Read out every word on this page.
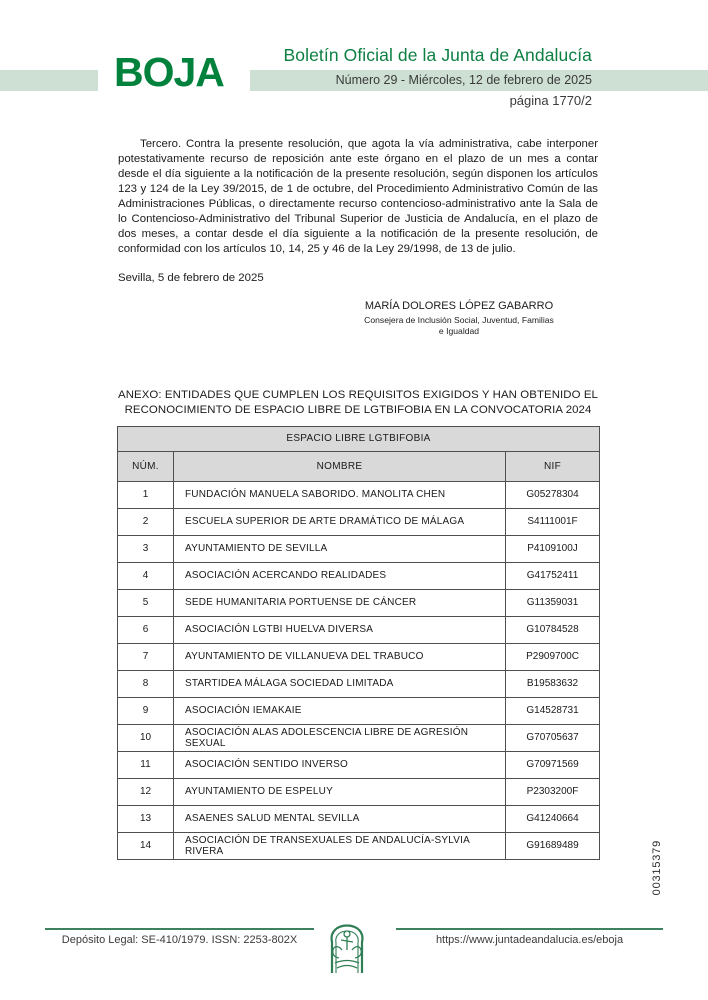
BOJA	Boletín Oficial de la Junta de Andalucía
Número 29 - Miércoles, 12 de febrero de 2025
página 1770/2

Tercero. Contra la presente resolución, que agota la vía administrativa, cabe interponer potestativamente recurso de reposición ante este órgano en el plazo de un mes a contar desde el día siguiente a la notificación de la presente resolución, según disponen los artículos 123 y 124 de la Ley 39/2015, de 1 de octubre, del Procedimiento Administrativo Común de las Administraciones Públicas, o directamente recurso contencioso-administrativo ante la Sala de lo Contencioso-Administrativo del Tribunal Superior de Justicia de Andalucía, en el plazo de dos meses, a contar desde el día siguiente a la notificación de la presente resolución, de conformidad con los artículos 10, 14, 25 y 46 de la Ley 29/1998, de 13 de julio.

Sevilla, 5 de febrero de 2025

MARÍA DOLORES LÓPEZ GABARRO
Consejera de Inclusión Social, Juventud, Familias
e Igualdad

ANEXO: ENTIDADES QUE CUMPLEN LOS REQUISITOS EXIGIDOS Y HAN OBTENIDO EL RECONOCIMIENTO DE ESPACIO LIBRE DE LGTBIFOBIA EN LA CONVOCATORIA 2024

ESPACIO LIBRE LGTBIFOBIA		
NÚM.	NOMBRE	NIF
1	FUNDACIÓN MANUELA SABORIDO. MANOLITA CHEN	G05278304
2	ESCUELA SUPERIOR DE ARTE DRAMÁTICO DE MÁLAGA	S4111001F
3	AYUNTAMIENTO DE SEVILLA	P4109100J
4	ASOCIACIÓN ACERCANDO REALIDADES	G41752411
5	SEDE HUMANITARIA PORTUENSE DE CÁNCER	G11359031
6	ASOCIACIÓN LGTBI HUELVA DIVERSA	G10784528
7	AYUNTAMIENTO DE VILLANUEVA DEL TRABUCO	P2909700C
8	STARTIDEA MÁLAGA SOCIEDAD LIMITADA	B19583632
9	ASOCIACIÓN IEMAKAIE	G14528731
10	ASOCIACIÓN ALAS ADOLESCENCIA LIBRE DE AGRESIÓN SEXUAL	G70705637
11	ASOCIACIÓN SENTIDO INVERSO	G70971569
12	AYUNTAMIENTO DE ESPELUY	P2303200F
13	ASAENES SALUD MENTAL SEVILLA	G41240664
14	ASOCIACIÓN DE TRANSEXUALES DE ANDALUCÍA-SYLVIA RIVERA	G91689489	00315379
Depósito Legal: SE-410/1979. ISSN: 2253-802X	https://www.juntadeandalucia.es/eboja
